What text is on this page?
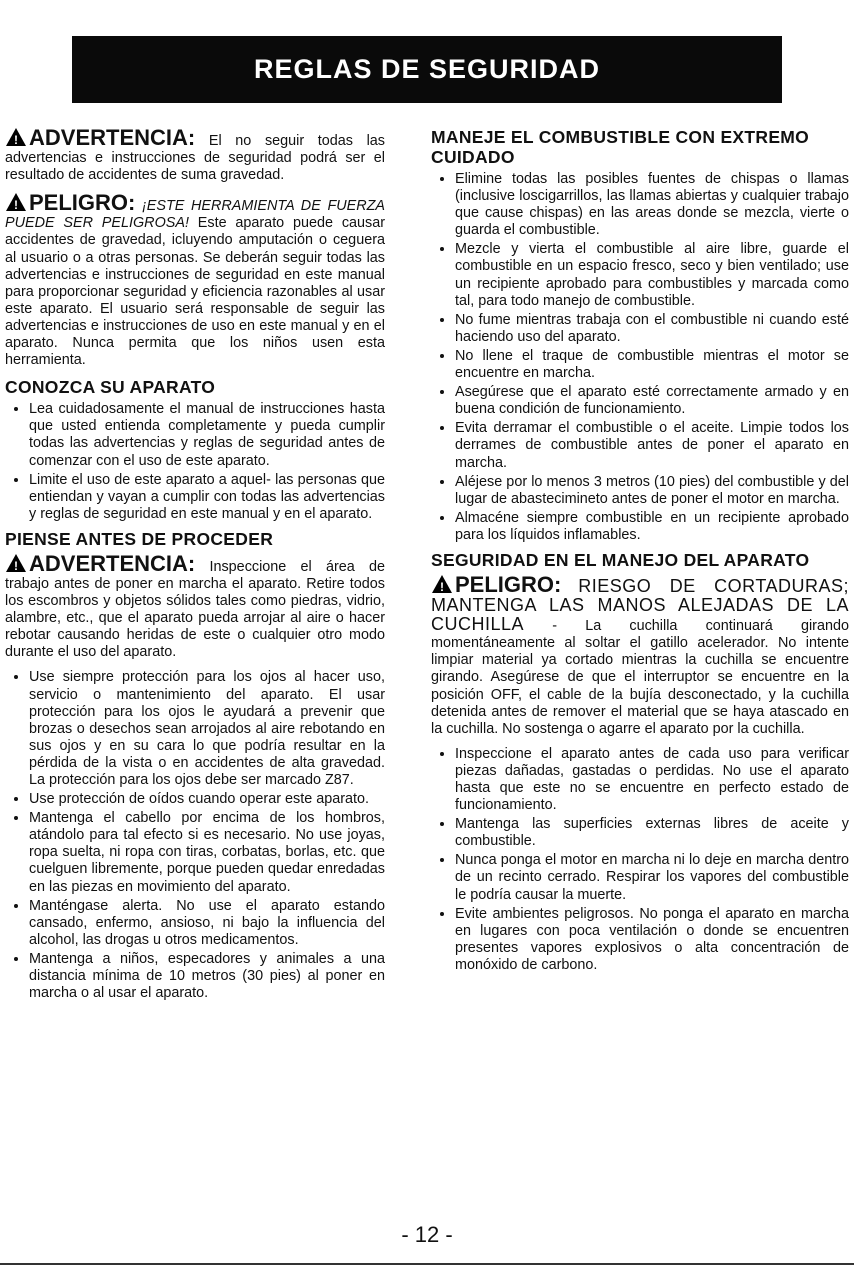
REGLAS DE SEGURIDAD

! ADVERTENCIA: El no seguir todas las advertencias e instrucciones de seguridad podrá ser el resultado de accidentes de suma gravedad.

! PELIGRO: ¡ESTE HERRAMIENTA DE FUERZA PUEDE SER PELIGROSA! Este aparato puede causar accidentes de gravedad, icluyendo amputación o ceguera al usuario o a otras personas. Se deberán seguir todas las advertencias e instrucciones de seguridad en este manual para proporcionar seguridad y eficiencia razonables al usar este aparato. El usuario será responsable de seguir las advertencias e instrucciones de uso en este manual y en el aparato. Nunca permita que los niños usen esta herramienta.

CONOZCA SU APARATO
• Lea cuidadosamente el manual de instrucciones hasta que usted entienda completamente y pueda cumplir todas las advertencias y reglas de seguridad antes de comenzar con el uso de este aparato.
• Limite el uso de este aparato a aquel- las personas que entiendan y vayan a cumplir con todas las advertencias y reglas de seguridad en este manual y en el aparato.
PIENSE ANTES DE PROCEDER

! ADVERTENCIA: Inspeccione el área de trabajo antes de poner en marcha el aparato. Retire todos los escombros y objetos sólidos tales como piedras, vidrio, alambre, etc., que el aparato pueda arrojar al aire o hacer rebotar causando heridas de este o cualquier otro modo durante el uso del aparato.

• Use siempre protección para los ojos al hacer uso, servicio o mantenimiento del aparato. El usar protección para los ojos le ayudará a prevenir que brozas o desechos sean arrojados al aire rebotando en sus ojos y en su cara lo que podría resultar en la pérdida de la vista o en accidentes de alta gravedad. La protección para los ojos debe ser marcado Z87.
• Use protección de oídos cuando operar este aparato.
• Mantenga el cabello por encima de los hombros, atándolo para tal efecto si es necesario. No use joyas, ropa suelta, ni ropa con tiras, corbatas, borlas, etc. que cuelguen libremente, porque pueden quedar enredadas en las piezas en movimiento del aparato.
• Manténgase alerta. No use el aparato estando cansado, enfermo, ansioso, ni bajo la influencia del alcohol, las drogas u otros medicamentos.
• Mantenga a niños, especadores y animales a una distancia mínima de 10 metros (30 pies) al poner en marcha o al usar el aparato.
MANEJE EL COMBUSTIBLE CON EXTREMO CUIDADO
• Elimine todas las posibles fuentes de chispas o llamas (inclusive loscigarrillos, las llamas abiertas y cualquier trabajo que cause chispas) en las areas donde se mezcla, vierte o guarda el combustible.
• Mezcle y vierta el combustible al aire libre, guarde el combustible en un espacio fresco, seco y bien ventilado; use un recipiente aprobado para combustibles y marcada como tal, para todo manejo de combustible.
• No fume mientras trabaja con el combustible ni cuando esté haciendo uso del aparato.
• No llene el traque de combustible mientras el motor se encuentre en marcha.
• Asegúrese que el aparato esté correctamente armado y en buena condición de funcionamiento.
• Evita derramar el combustible o el aceite. Limpie todos los derrames de combustible antes de poner el aparato en marcha.
• Aléjese por lo menos 3 metros (10 pies) del combustible y del lugar de abastecimineto antes de poner el motor en marcha.
• Almacéne siempre combustible en un recipiente aprobado para los líquidos inflamables.
SEGURIDAD EN EL MANEJO DEL APARATO

! PELIGRO: RIESGO DE CORTADURAS; MANTENGA LAS MANOS ALEJADAS DE LA CUCHILLA - La cuchilla continuará girando momentáneamente al soltar el gatillo acelerador. No intente limpiar material ya cortado mientras la cuchilla se encuentre girando. Asegúrese de que el interruptor se encuentre en la posición OFF, el cable de la bujía desconectado, y la cuchilla detenida antes de remover el material que se haya atascado en la cuchilla. No sostenga o agarre el aparato por la cuchilla.

• Inspeccione el aparato antes de cada uso para verificar piezas dañadas, gastadas o perdidas. No use el aparato hasta que este no se encuentre en perfecto estado de funcionamiento.
• Mantenga las superficies externas libres de aceite y combustible.
• Nunca ponga el motor en marcha ni lo deje en marcha dentro de un recinto cerrado. Respirar los vapores del combustible le podría causar la muerte.
• Evite ambientes peligrosos. No ponga el aparato en marcha en lugares con poca ventilación o donde se encuentren presentes vapores explosivos o alta concentración de monóxido de carbono.
- 12 -
